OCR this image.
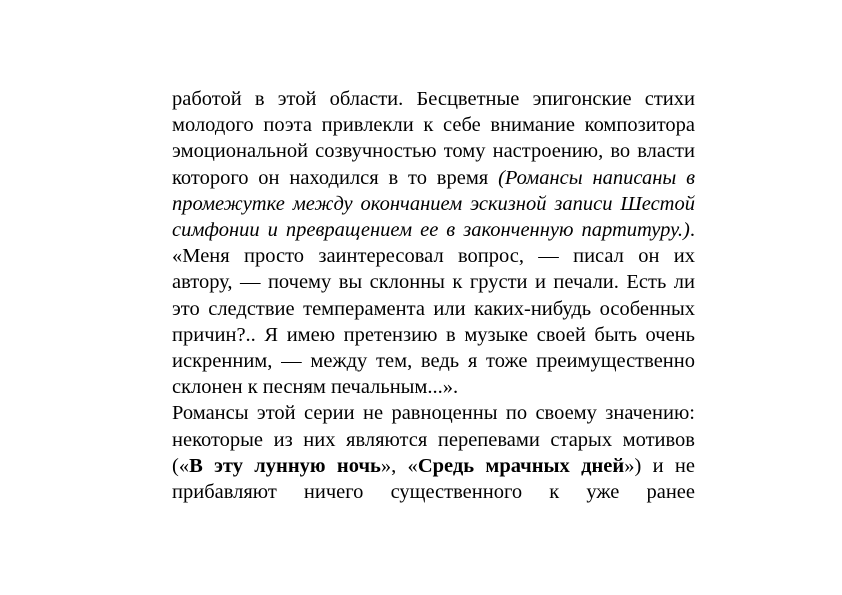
работой в этой области. Бесцветные эпигонские стихи молодого поэта привлекли к себе внимание композитора эмоциональной созвучностью тому настроению, во власти которого он находился в то время (Романсы написаны в промежутке между окончанием эскизной записи Шестой симфонии и превращением ее в законченную партитуру.). «Меня просто заинтересовал вопрос, — писал он их автору, — почему вы склонны к грусти и печали. Есть ли это следствие темперамента или каких-нибудь особенных причин?.. Я имею претензию в музыке своей быть очень искренним, — между тем, ведь я тоже преимущественно склонен к песням печальным...».

Романсы этой серии не равноценны по своему значению: некоторые из них являются перепевами старых мотивов («В эту лунную ночь», «Средь мрачных дней») и не прибавляют ничего существенного к уже ранее
